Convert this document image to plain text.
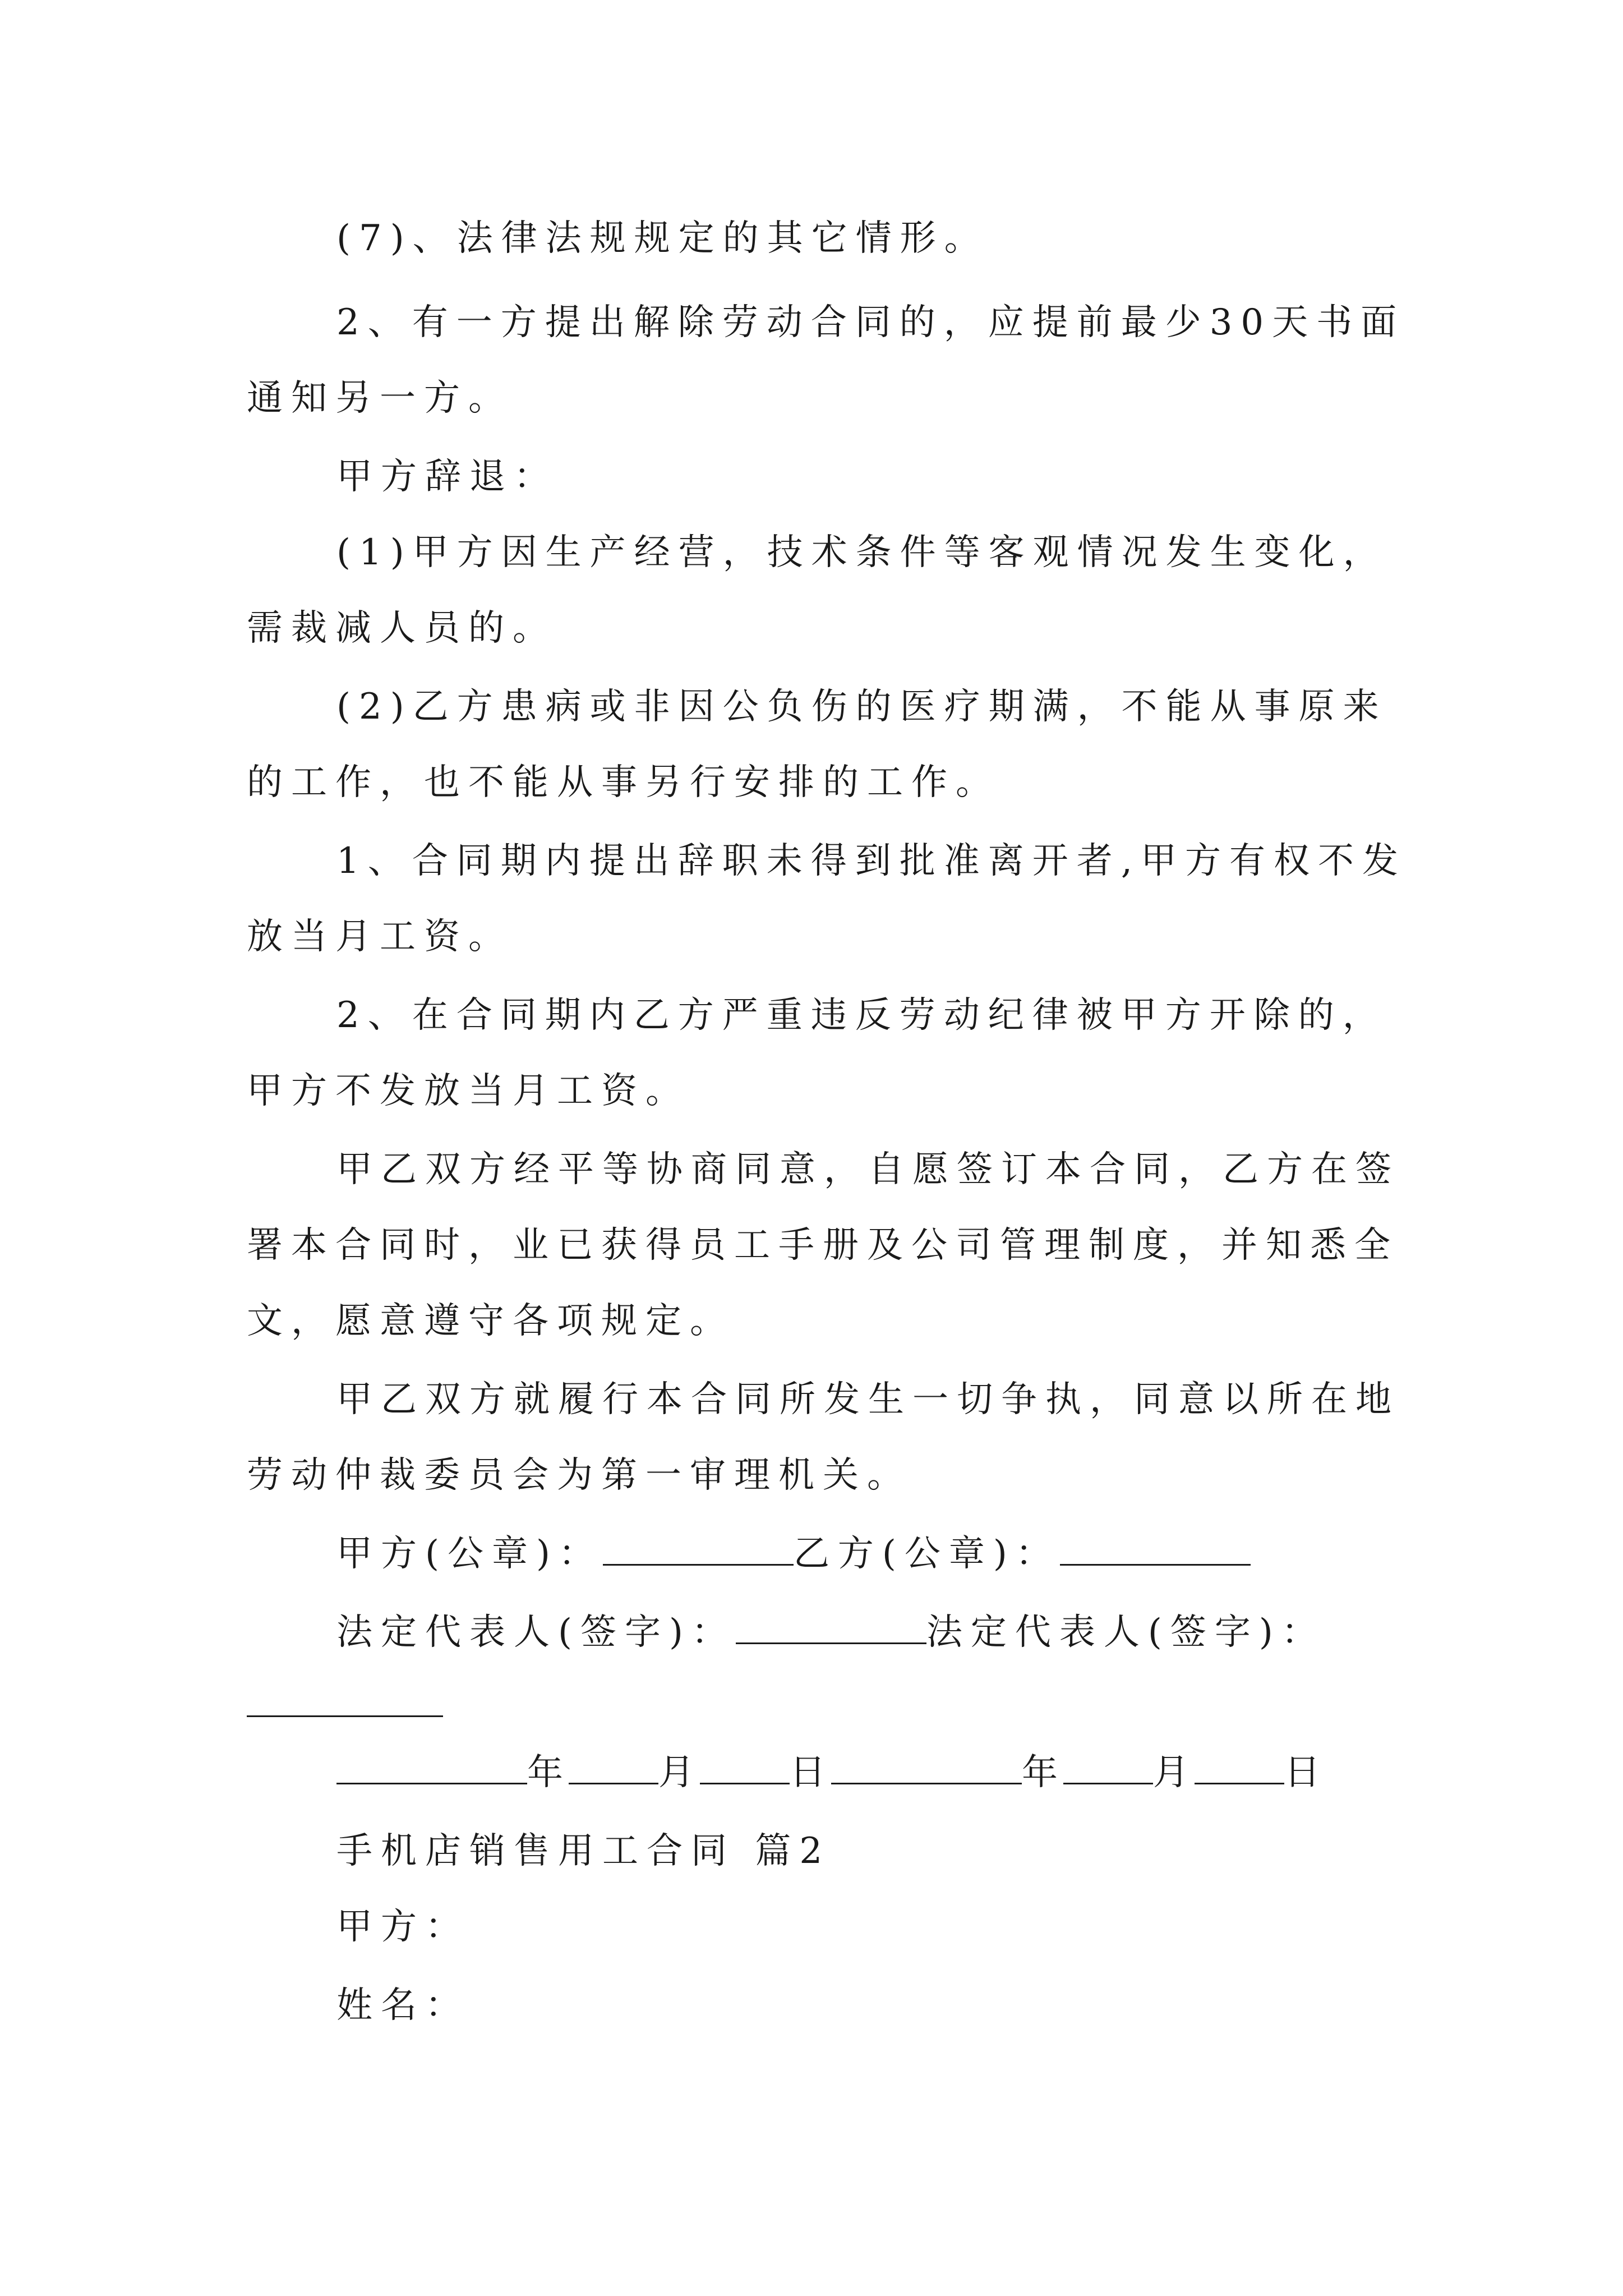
(7)、法律法规规定的其它情形。
2、有一方提出解除劳动合同的，应提前最少30天书面
通知另一方。
甲方辞退：
(1)甲方因生产经营，技术条件等客观情况发生变化，
需裁减人员的。
(2)乙方患病或非因公负伤的医疗期满，不能从事原来
的工作，也不能从事另行安排的工作。
1、合同期内提出辞职未得到批准离开者,甲方有权不发
放当月工资。
2、在合同期内乙方严重违反劳动纪律被甲方开除的，
甲方不发放当月工资。
甲乙双方经平等协商同意，自愿签订本合同，乙方在签
署本合同时，业已获得员工手册及公司管理制度，并知悉全
文，愿意遵守各项规定。
甲乙双方就履行本合同所发生一切争执，同意以所在地
劳动仲裁委员会为第一审理机关。
甲方(公章)：	乙方(公章)：
法定代表人(签字)：	法定代表人(签字)：
年	月	日	年	月	日
手机店销售用工合同 篇2
甲方：
姓名：
